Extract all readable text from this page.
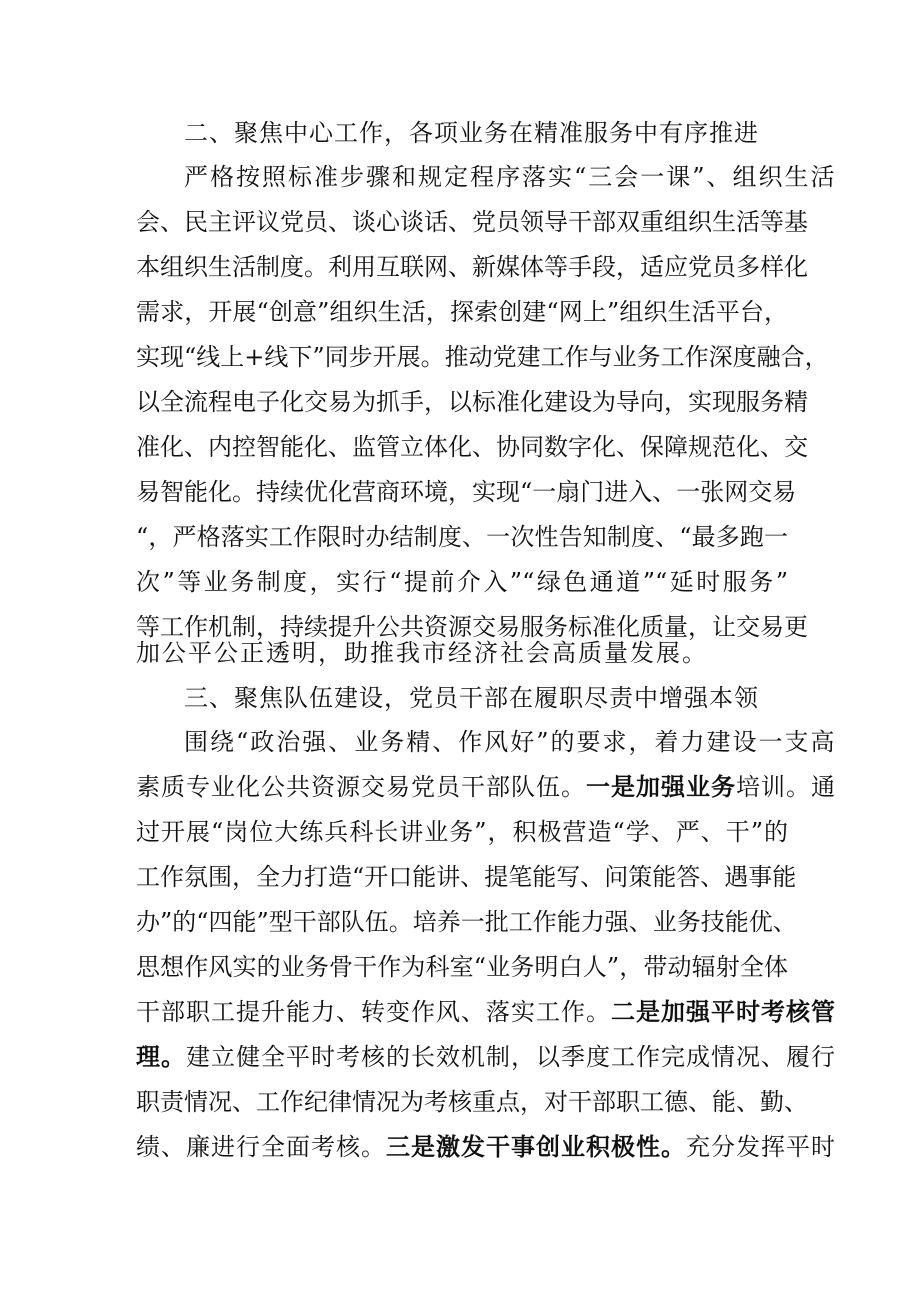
二、聚焦中心工作，各项业务在精准服务中有序推进
严格按照标准步骤和规定程序落实“三会一课”、组织生活
会、民主评议党员、谈心谈话、党员领导干部双重组织生活等基
本组织生活制度。利用互联网、新媒体等手段，适应党员多样化
需求，开展“创意”组织生活，探索创建“网上”组织生活平台，
实现“线上+线下”同步开展。推动党建工作与业务工作深度融合，
以全流程电子化交易为抓手，以标准化建设为导向，实现服务精
准化、内控智能化、监管立体化、协同数字化、保障规范化、交
易智能化。持续优化营商环境，实现“一扇门进入、一张网交易
“，严格落实工作限时办结制度、一次性告知制度、“最多跑一
次”等业务制度，实行“提前介入”“绿色通道”“延时服务”
等工作机制，持续提升公共资源交易服务标准化质量，让交易更
加公平公正透明，助推我市经济社会高质量发展。
三、聚焦队伍建设，党员干部在履职尽责中增强本领
围绕“政治强、业务精、作风好”的要求，着力建设一支高
素质专业化公共资源交易党员干部队伍。一是加强业务培训。通
过开展“岗位大练兵科长讲业务”，积极营造“学、严、干”的
工作氛围，全力打造“开口能讲、提笔能写、问策能答、遇事能
办”的“四能”型干部队伍。培养一批工作能力强、业务技能优、
思想作风实的业务骨干作为科室“业务明白人”，带动辐射全体
干部职工提升能力、转变作风、落实工作。二是加强平时考核管
理。建立健全平时考核的长效机制，以季度工作完成情况、履行
职责情况、工作纪律情况为考核重点，对干部职工德、能、勤、
绩、廉进行全面考核。三是激发干事创业积极性。充分发挥平时
